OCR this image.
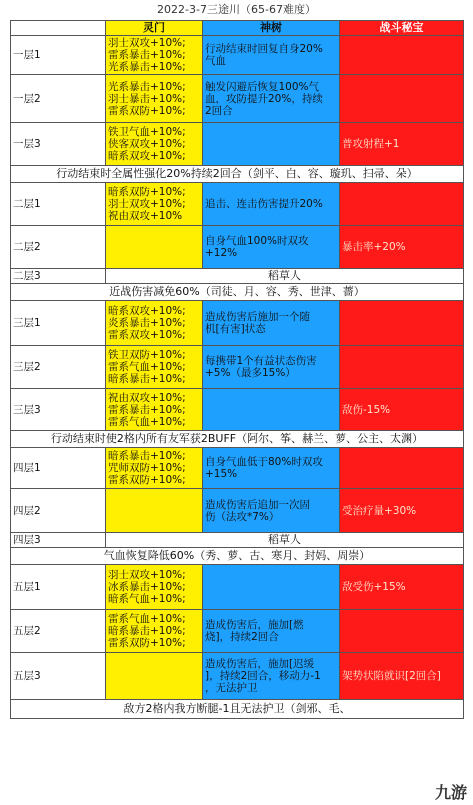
2022-3-7三途川（65-67难度）
	灵门	神树	战斗秘宝
一层1	羽士双攻+10%;
雷系暴击+10%;
光系暴击+10%;	行动结束时回复自身20%
气血	

一层2	光系暴击+10%;
羽士暴击+10%;
雷系双防+10%;	触发闪避后恢复100%气
血，攻防提升20%，持续
2回合	

一层3	铁卫气血+10%;
侠客双攻+10%;
暗系双攻+10%;		普攻射程+1

行动结束时全属性强化20%持续2回合（剑平、白、容、璇玑、扫帚、朵）			
二层1	暗系双防+10%;
羽士双攻+10%;
祝由双攻+10%	追击、连击伤害提升20%	

二层2		自身气血100%时双攻
+12%	暴击率+20%

二层3	稻草人		
近战伤害减免60%（司徒、月、容、秀、世津、薔）			
三层1	暗系双攻+10%;
炎系暴击+10%;
雷系双攻+10%;	造成伤害后施加一个随
机[有害]状态	

三层2	铁卫双防+10%;
雷系气血+10%;
暗系暴击+10%;	每携带1个有益状态伤害
+5%（最多15%）	

三层3	祝由双攻+10%;
雷系暴击+10%;
雷系气血+10%;		敌伤-15%

行动结束时使2格内所有友军获2BUFF（阿尔、筝、赫兰、萝、公主、太渊）			
四层1	暗系暴击+10%;
咒师双防+10%;
雷系双防+10%;	自身气血低于80%时双攻
+15%	

四层2		造成伤害后追加一次固
伤（法攻*7%）	受治疗量+30%

四层3	稻草人		
气血恢复降低60%（秀、萝、古、寒月、封妈、周崇）			
五层1	羽士双攻+10%;
冰系暴击+10%;
暗系气血+10%;		敌受伤+15%

五层2	雷系气血+10%;
暗系暴击+10%;
雷系双防+10%;	造成伤害后，施加[燃
烧]，持续2回合	

五层3		造成伤害后，施加[迟缓
]，持续2回合，移动力-1
，无法护卫	架势状陷就识[2回合]

敌方2格内我方断腿-1且无法护卫（剑邪、毛、			
九游
